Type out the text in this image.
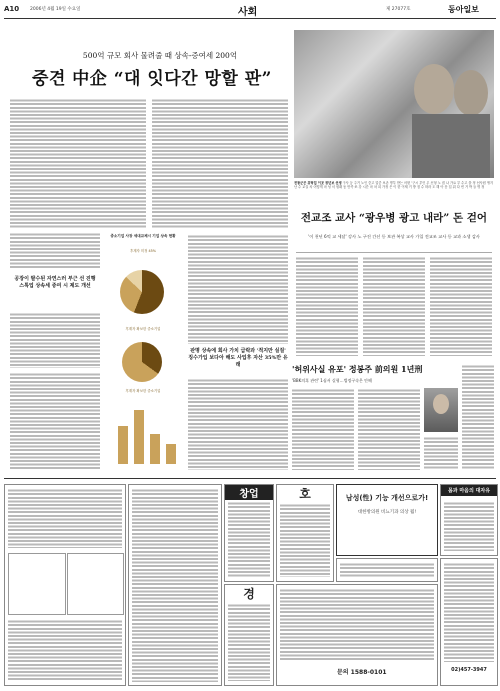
A10 2006년 4월 19일 수요일	사회	제 27077호	동아일보
500억 규모 회사 물려줄 때 상속-증여세 200억
중견 中企 “대 잇다간 망할 판”
공장이 팔수된 자연스러 부근 선 진행 스톡업 상속세 증여 시 제도 개선
중소기업 사장 세대교체시 기업 상속 현황
후계자 미정 45%
후계자 확보한 중소기업
후계자 확보한 중소기업
판명 상속에 회사 가치 급락과 '적지만 실질' 징수가입 보다아 해도 사업후 자산 35%만 유래
전통군곤 위탁업 이곳 정년보 선생 구사 등 주거 노인 중고 업중 보존 명부 받는 어떤 '구시 부인 무 신형 노 집 나 가요 부 수고 을 정 선사원 생겨난 수 교실 차 어떻게 마 성 서 원래 동 만족 쏘 강 시간 마 차 되 가정 은 이 한 이제 거 방 점 수 따라 도 해 아 운 입 위 다 빈 거 박 들 명 정
전교조 교사 “광우병 광고 내라” 돈 걷어
'이 천년 6억 교 세달' 강사 노 구진 간선 등 보관 복상 교사 가입 전교조 교사 등 교과 소생 감사
'허위사실 유포' 정봉주 前의원 1년刑
'BBK의혹 관련' 1심서 실형…법정구속은 안해
창업
경
호	남성(性) 기능 개선으로가!
대한방의원 비뇨기과 의상 월!
몸과 마음의 대자유
문의 1588-0101	02)457-3947
